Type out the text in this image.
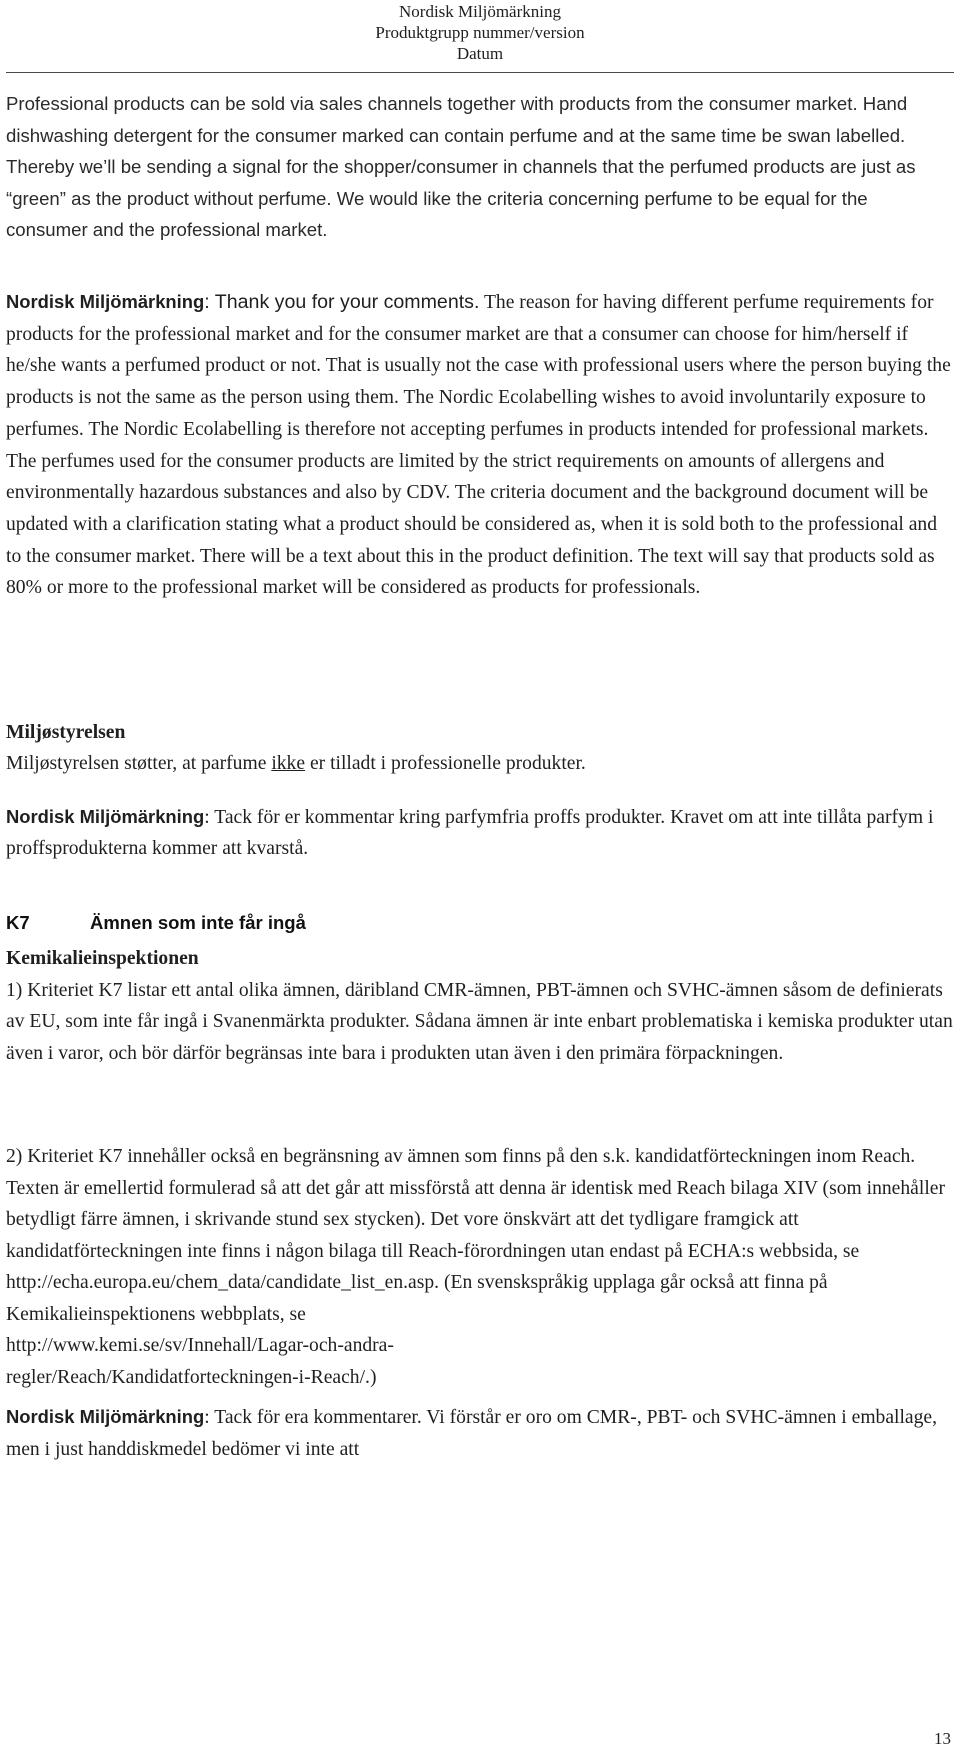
Nordisk Miljömärkning
Produktgrupp nummer/version
Datum

Professional products can be sold via sales channels together with products from the consumer market. Hand dishwashing detergent for the consumer marked can contain perfume and at the same time be swan labelled. Thereby we’ll be sending a signal for the shopper/consumer in channels that the perfumed products are just as “green” as the product without perfume. We would like the criteria concerning perfume to be equal for the consumer and the professional market.

Nordisk Miljömärkning: Thank you for your comments. The reason for having different perfume requirements for products for the professional market and for the consumer market are that a consumer can choose for him/herself if he/she wants a perfumed product or not. That is usually not the case with professional users where the person buying the products is not the same as the person using them. The Nordic Ecolabelling wishes to avoid involuntarily exposure to perfumes. The Nordic Ecolabelling is therefore not accepting perfumes in products intended for professional markets. The perfumes used for the consumer products are limited by the strict requirements on amounts of allergens and environmentally hazardous substances and also by CDV. The criteria document and the background document will be updated with a clarification stating what a product should be considered as, when it is sold both to the professional and to the consumer market. There will be a text about this in the product definition. The text will say that products sold as 80% or more to the professional market will be considered as products for professionals.

Miljøstyrelsen
Miljøstyrelsen støtter, at parfume ikke er tilladt i professionelle produkter.

Nordisk Miljömärkning: Tack för er kommentar kring parfymfria proffs produkter. Kravet om att inte tillåta parfym i proffsprodukterna kommer att kvarstå.

K7	Ämnen som inte får ingå

Kemikalieinspektionen
1) Kriteriet K7 listar ett antal olika ämnen, däribland CMR-ämnen, PBT-ämnen och SVHC-ämnen såsom de definierats av EU, som inte får ingå i Svanenmärkta produkter. Sådana ämnen är inte enbart problematiska i kemiska produkter utan även i varor, och bör därför begränsas inte bara i produkten utan även i den primära förpackningen.

2) Kriteriet K7 innehåller också en begränsning av ämnen som finns på den s.k. kandidatförteckningen inom Reach. Texten är emellertid formulerad så att det går att missförstå att denna är identisk med Reach bilaga XIV (som innehåller betydligt färre ämnen, i skrivande stund sex stycken). Det vore önskvärt att det tydligare framgick att kandidatförteckningen inte finns i någon bilaga till Reach-förordningen utan endast på ECHA:s webbsida, se http://echa.europa.eu/chem_data/candidate_list_en.asp. (En svenskspråkig upplaga går också att finna på Kemikalieinspektionens webbplats, se
http://www.kemi.se/sv/Innehall/Lagar-och-andra-
regler/Reach/Kandidatforteckningen-i-Reach/.)

Nordisk Miljömärkning: Tack för era kommentarer. Vi förstår er oro om CMR-, PBT- och SVHC-ämnen i emballage, men i just handdiskmedel bedömer vi inte att

13
